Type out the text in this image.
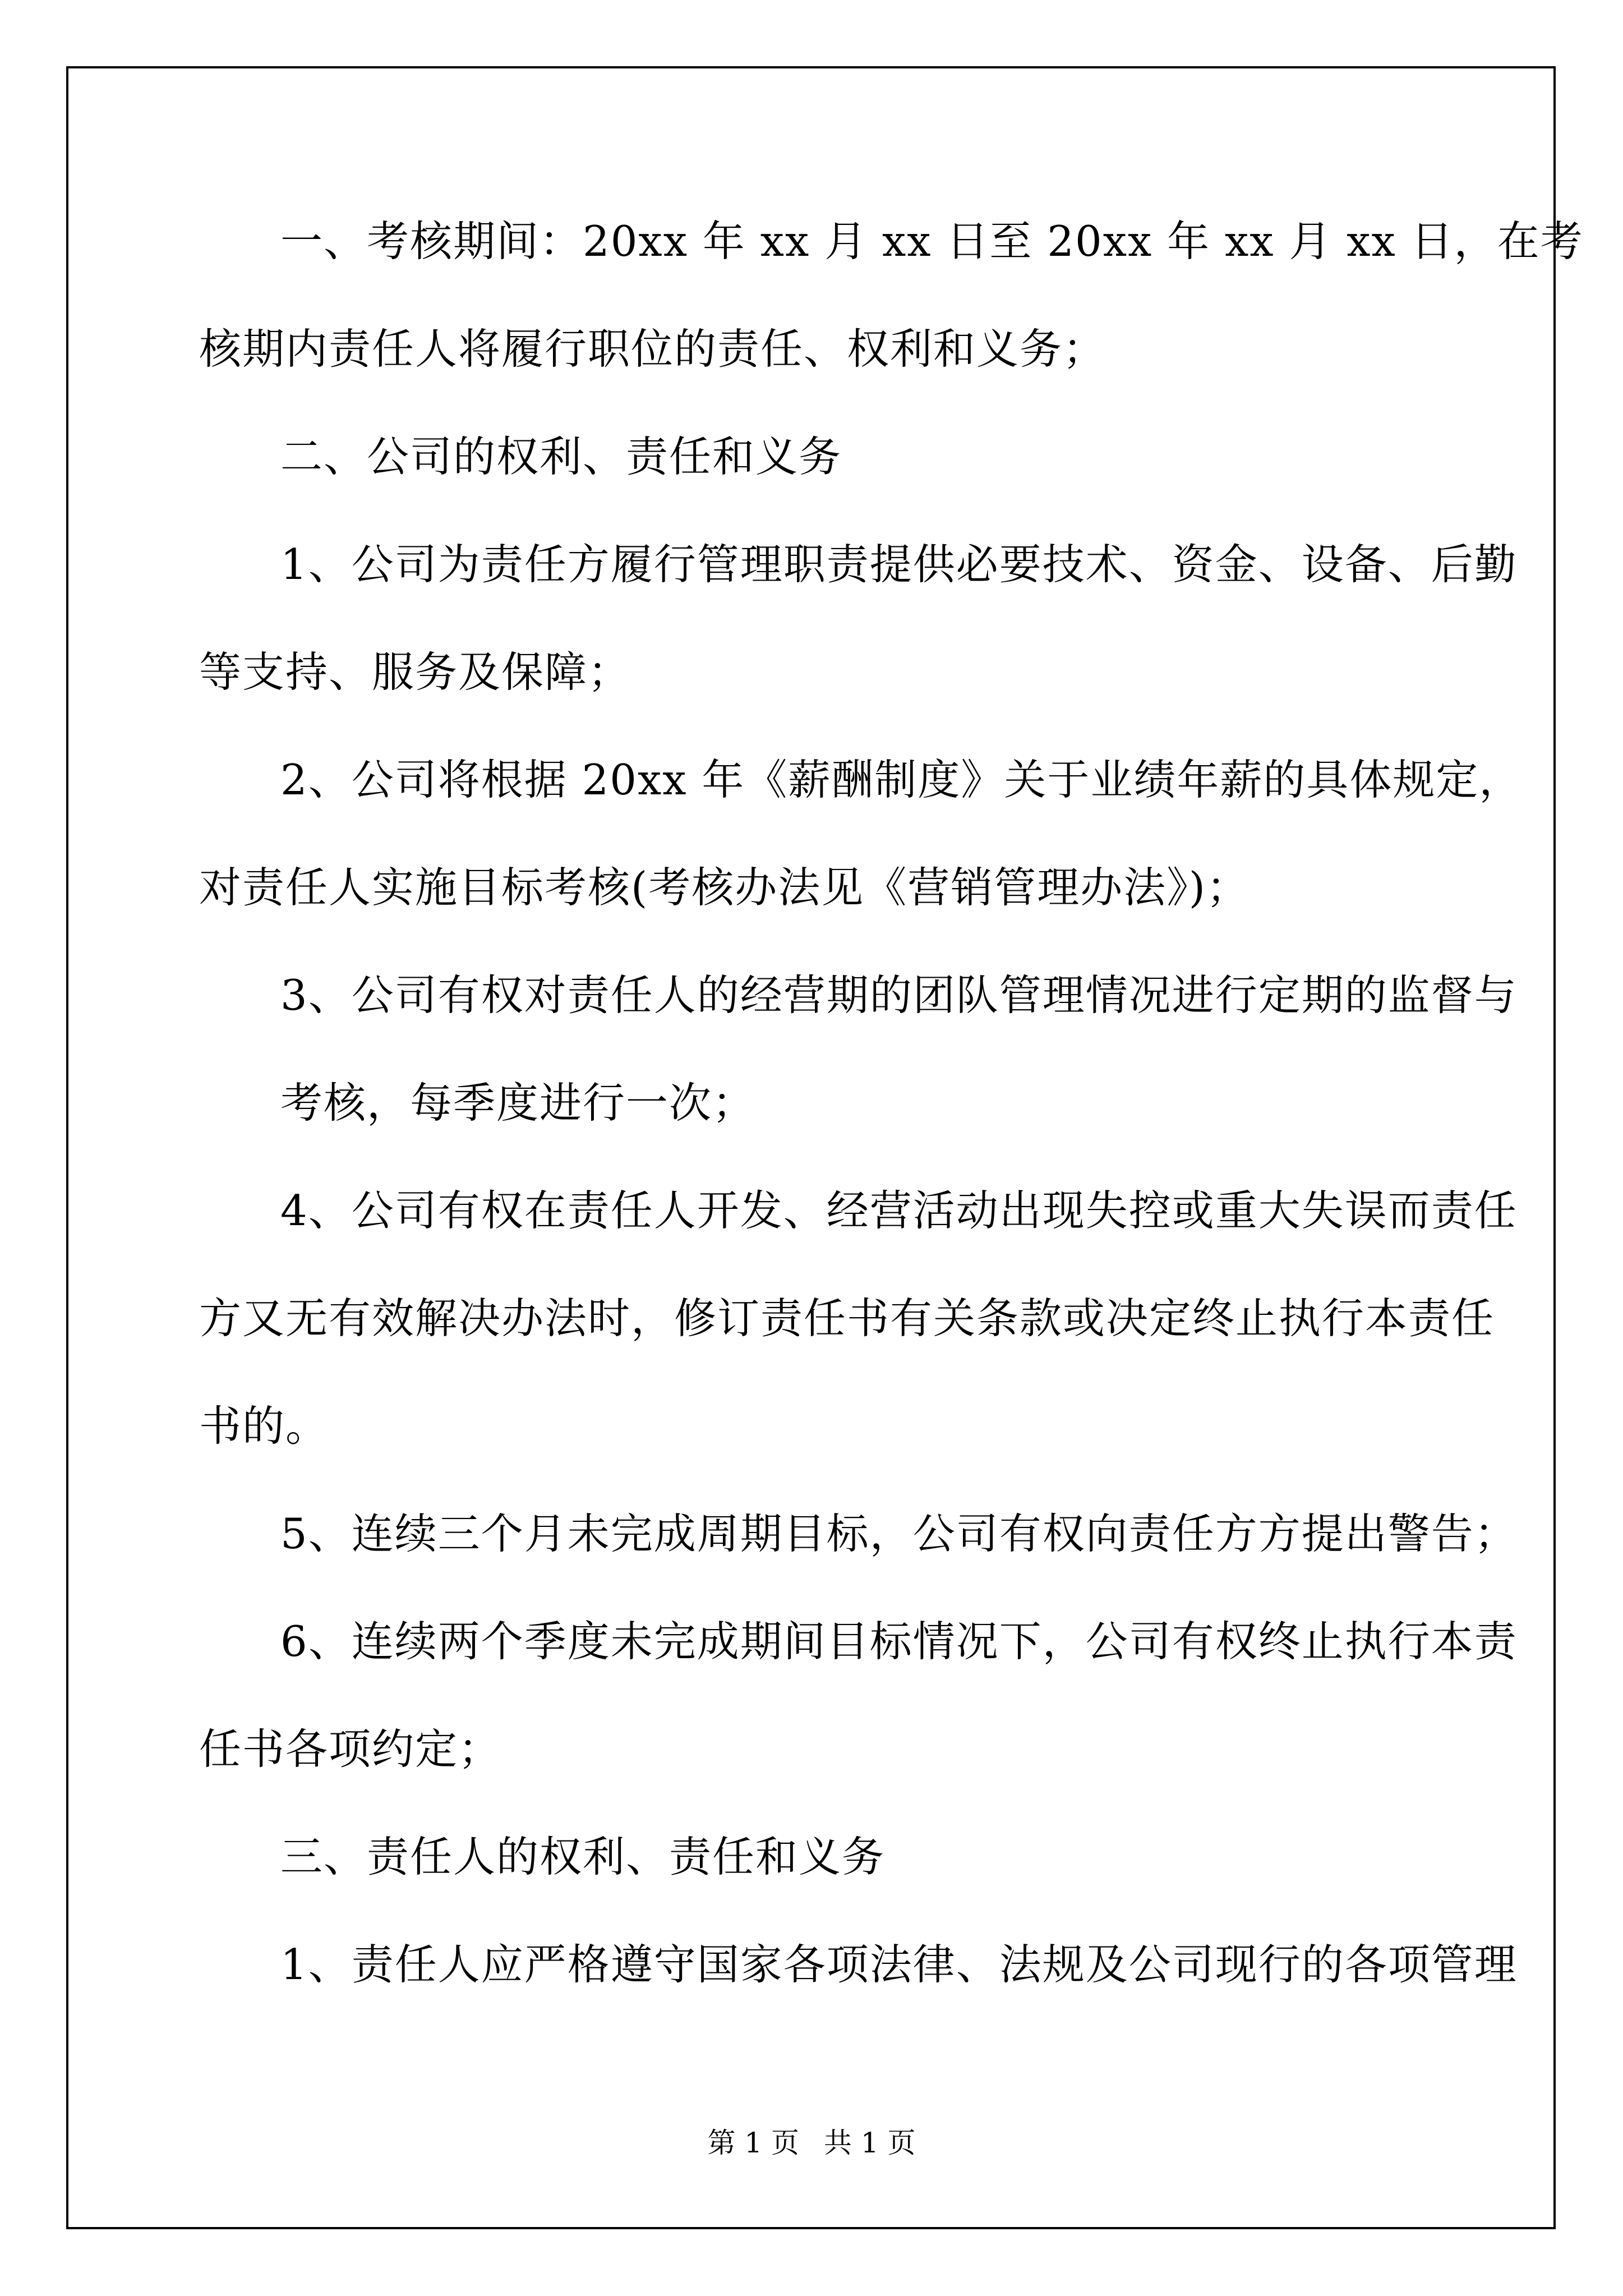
一、考核期间：20xx 年 xx 月 xx 日至 20xx 年 xx 月 xx 日，在考
核期内责任人将履行职位的责任、权利和义务；
二、公司的权利、责任和义务
1、公司为责任方履行管理职责提供必要技术、资金、设备、后勤
等支持、服务及保障；
2、公司将根据 20xx 年《薪酬制度》关于业绩年薪的具体规定，
对责任人实施目标考核(考核办法见《营销管理办法》)；
3、公司有权对责任人的经营期的团队管理情况进行定期的监督与
考核，每季度进行一次；
4、公司有权在责任人开发、经营活动出现失控或重大失误而责任
方又无有效解决办法时，修订责任书有关条款或决定终止执行本责任
书的。
5、连续三个月未完成周期目标，公司有权向责任方方提出警告；
6、连续两个季度未完成期间目标情况下，公司有权终止执行本责
任书各项约定；
三、责任人的权利、责任和义务
1、责任人应严格遵守国家各项法律、法规及公司现行的各项管理
第 1 页 共 1 页
